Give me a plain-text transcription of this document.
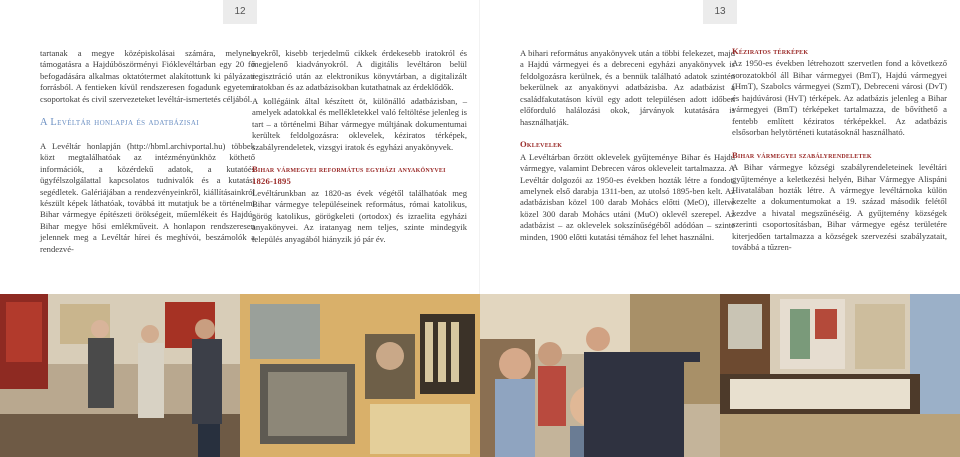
12	13

tartanak a megye középiskolásai számára, melynek támogatásra a Hajdúböszörményi Fióklevéltárban egy 20 fő befogadására alkalmas oktatótermet alakítottunk ki pályázati forrásból. A fentieken kívül rendszeresen fogadunk egyetemi csoportokat és civil szervezeteket levéltár-ismertetés céljából.

A Levéltár honlapja és adatbázisai

A Levéltár honlapján (http://hbml.archivportal.hu) többek közt megtalálhatóak az intézményünkhöz köthető információk, a közérdekű adatok, a kutatóés ügyfélszolgálattal kapcsolatos tudnivalók és a kutatási segédletek. Galériájában a rendezvényeinkről, kiállításainkról készült képek láthatóak, továbbá itt mutatjuk be a történelmi Bihar vármegye építészeti örökségeit, műemlékeit és Hajdú-Bihar megye hősi emlékműveit. A honlapon rendszeresen jelennek meg a Levéltár hírei és meghívói, beszámolók a rendezvé-

nyekről, kisebb terjedelmű cikkek érdekesebb iratokról és megjelenő kiadványokról. A digitális levéltáron belül regisztráció után az elektronikus könyvtárban, a digitalizált iratokban és az adatbázisokban kutathatnak az érdeklődők.

A kollégáink által készített öt, különálló adatbázisban, – amelyek adatokkal és mellékletekkel való feltöltése jelenleg is tart – a történelmi Bihar vármegye múltjának dokumentumai kerültek feldolgozásra: oklevelek, kéziratos térképek, szabályrendeletek, vizsgyi iratok és egyházi anyakönyvek.

Bihar vármegyei református egyházi anyakönyvei 1826-1895

Levéltárunkban az 1820-as évek végétől találhatóak meg Bihar vármegye településeinek református, római katolikus, görög katolikus, görögkeleti (ortodox) és izraelita egyházi anyakönyvei. Az iratanyag nem teljes, szinte mindegyik település anyagából hiányzik jó pár év.

A bihari református anyakönyvek után a többi felekezet, majd a Hajdú vármegyei és a debreceni egyházi anyakönyvek is feldolgozásra kerülnek, és a bennük található adatok szintén bekerülnek az anyakönyvi adatbázisba. Az adatbázist a családfakutatáson kívül egy adott településen adott időben előforduló halálozási okok, járványok kutatására is használhatják.

Oklevelek

A Levéltárban őrzött oklevelek gyűjteménye Bihar és Hajdú vármegye, valamint Debrecen város okleveleit tartalmazza. A Levéltár dolgozói az 1950-es években hozták létre a fondot, amelynek első darabja 1311-ben, az utolsó 1895-ben kelt. Az adatbázisban közel 100 darab Mohács előtti (MeO), illetve közel 300 darab Mohács utáni (MuO) oklevél szerepel. Az adatbázist – az oklevelek sokszínűségéből adódóan – szinte minden, 1900 előtti kutatási témához fel lehet használni.

Kéziratos térképek

Az 1950-es években létrehozott szervetlen fond a következő sorozatokból áll Bihar vármegyei (BmT), Hajdú vármegyei (HmT), Szabolcs vármegyei (SzmT), Debreceni városi (DvT) és hajdúvárosi (HvT) térképek. Az adatbázis jelenleg a Bihar vármegyei (BmT) térképeket tartalmazza, de bővíthető a fentebb említett kéziratos térképekkel. Az adatbázis elsősorban helytörténeti kutatásoknál használható.

Bihar vármegyei szabályrendeletek

A Bihar vármegye községi szabályrendeleteinek levéltári gyűjteménye a keletkezési helyén, Bihar Vármegye Alispáni Hivatalában hozták létre. A vármegye levéltárnoka külön kezelte a dokumentumokat a 19. század második felétől kezdve a hivatal megszűnéséig. A gyűjtemény községek szerinti csoportosításban, Bihar vármegye egész területére kiterjedően tartalmazza a községek szervezési szabályzatait, továbbá a tűzren-
